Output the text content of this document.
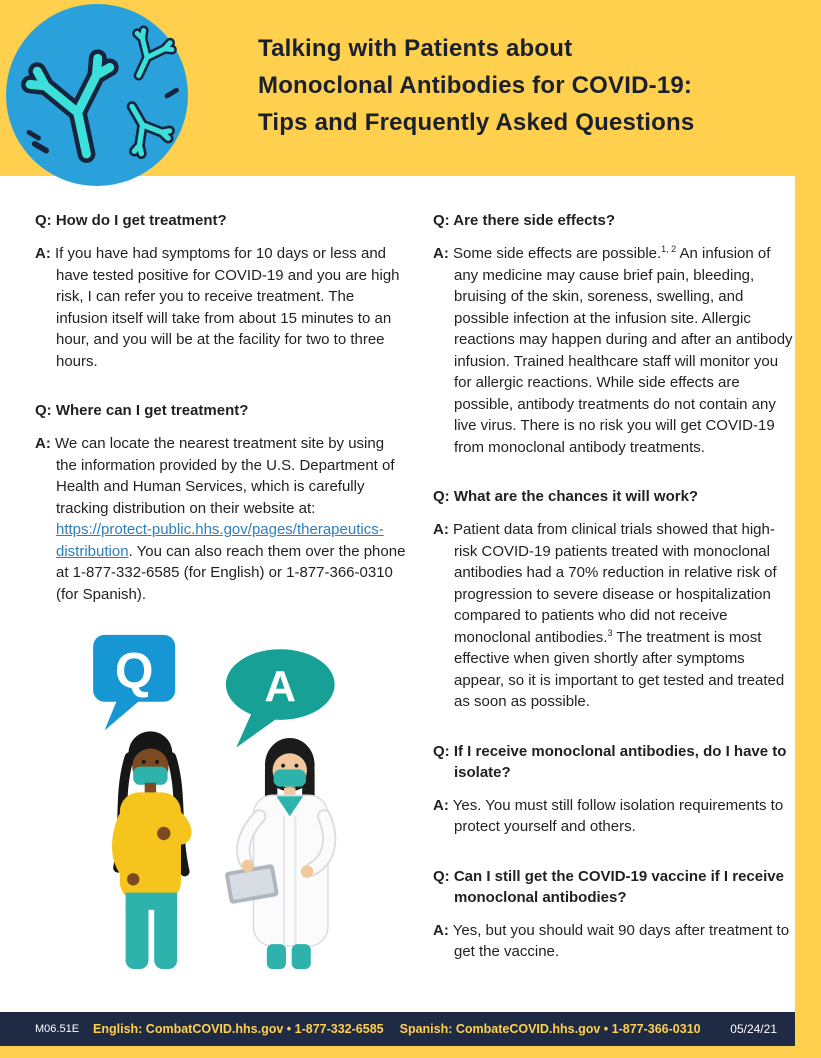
Talking with Patients about
Monoclonal Antibodies for COVID-19:
Tips and Frequently Asked Questions

Q: How do I get treatment?

A: If you have had symptoms for 10 days or less and have tested positive for COVID-19 and you are high risk, I can refer you to receive treatment. The infusion itself will take from about 15 minutes to an hour, and you will be at the facility for two to three hours.

Q: Where can I get treatment?

A: We can locate the nearest treatment site by using the information provided by the U.S. Department of Health and Human Services, which is carefully tracking distribution on their website at: https://protect-public.hhs.gov/pages/therapeutics-distribution. You can also reach them over the phone at 1-877-332-6585 (for English) or 1-877-366-0310 (for Spanish).

Q A

Q: Are there side effects?

A: Some side effects are possible.$^{1, 2}$ An infusion of any medicine may cause brief pain, bleeding, bruising of the skin, soreness, swelling, and possible infection at the infusion site. Allergic reactions may happen during and after an antibody infusion. Trained healthcare staff will monitor you for allergic reactions. While side effects are possible, antibody treatments do not contain any live virus. There is no risk you will get COVID-19 from monoclonal antibody treatments.

Q: What are the chances it will work?

A: Patient data from clinical trials showed that high-risk COVID-19 patients treated with monoclonal antibodies had a 70% reduction in relative risk of progression to severe disease or hospitalization compared to patients who did not receive monoclonal antibodies.$^3$ The treatment is most effective when given shortly after symptoms appear, so it is important to get tested and treated as soon as possible.

Q: If I receive monoclonal antibodies, do I have to isolate?

A: Yes. You must still follow isolation requirements to protect yourself and others.

Q: Can I still get the COVID-19 vaccine if I receive monoclonal antibodies?

A: Yes, but you should wait 90 days after treatment to get the vaccine.

M06.51E English: CombatCOVID.hhs.gov • 1-877-332-6585 Spanish: CombateCOVID.hhs.gov • 1-877-366-0310 05/24/21
